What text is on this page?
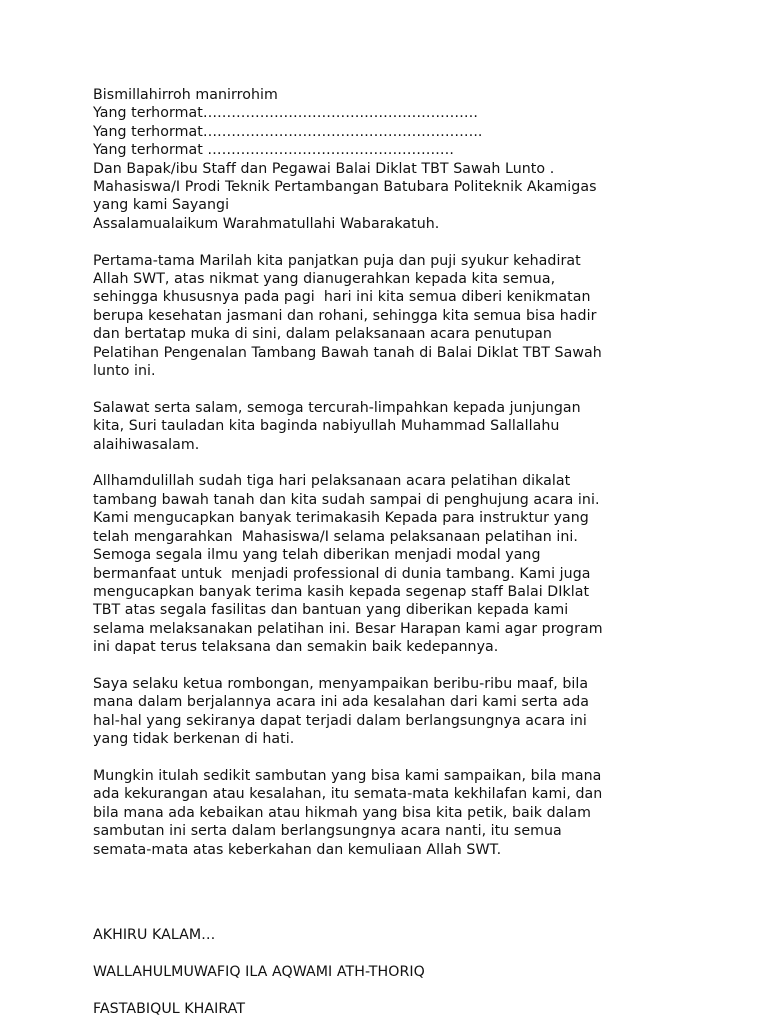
Bismillahirroh manirrohim
Yang terhormat………………………………………………….
Yang terhormat…………………………………………………..
Yang terhormat …………………………………………….
Dan Bapak/ibu Staff dan Pegawai Balai Diklat TBT Sawah Lunto .
Mahasiswa/I Prodi Teknik Pertambangan Batubara Politeknik Akamigas
yang kami Sayangi
Assalamualaikum Warahmatullahi Wabarakatuh.
Pertama-tama Marilah kita panjatkan puja dan puji syukur kehadirat
Allah SWT, atas nikmat yang dianugerahkan kepada kita semua,
sehingga khususnya pada pagi  hari ini kita semua diberi kenikmatan
berupa kesehatan jasmani dan rohani, sehingga kita semua bisa hadir
dan bertatap muka di sini, dalam pelaksanaan acara penutupan
Pelatihan Pengenalan Tambang Bawah tanah di Balai Diklat TBT Sawah
lunto ini.
Salawat serta salam, semoga tercurah-limpahkan kepada junjungan
kita, Suri tauladan kita baginda nabiyullah Muhammad Sallallahu
alaihiwasalam.
Allhamdulillah sudah tiga hari pelaksanaan acara pelatihan dikalat
tambang bawah tanah dan kita sudah sampai di penghujung acara ini.
Kami mengucapkan banyak terimakasih Kepada para instruktur yang
telah mengarahkan  Mahasiswa/I selama pelaksanaan pelatihan ini.
Semoga segala ilmu yang telah diberikan menjadi modal yang
bermanfaat untuk  menjadi professional di dunia tambang. Kami juga
mengucapkan banyak terima kasih kepada segenap staff Balai DIklat
TBT atas segala fasilitas dan bantuan yang diberikan kepada kami
selama melaksanakan pelatihan ini. Besar Harapan kami agar program
ini dapat terus telaksana dan semakin baik kedepannya.
Saya selaku ketua rombongan, menyampaikan beribu-ribu maaf, bila
mana dalam berjalannya acara ini ada kesalahan dari kami serta ada
hal-hal yang sekiranya dapat terjadi dalam berlangsungnya acara ini
yang tidak berkenan di hati.
Mungkin itulah sedikit sambutan yang bisa kami sampaikan, bila mana
ada kekurangan atau kesalahan, itu semata-mata kekhilafan kami, dan
bila mana ada kebaikan atau hikmah yang bisa kita petik, baik dalam
sambutan ini serta dalam berlangsungnya acara nanti, itu semua
semata-mata atas keberkahan dan kemuliaan Allah SWT.
AKHIRU KALAM…
WALLAHULMUWAFIQ ILA AQWAMI ATH-THORIQ
FASTABIQUL KHAIRAT
